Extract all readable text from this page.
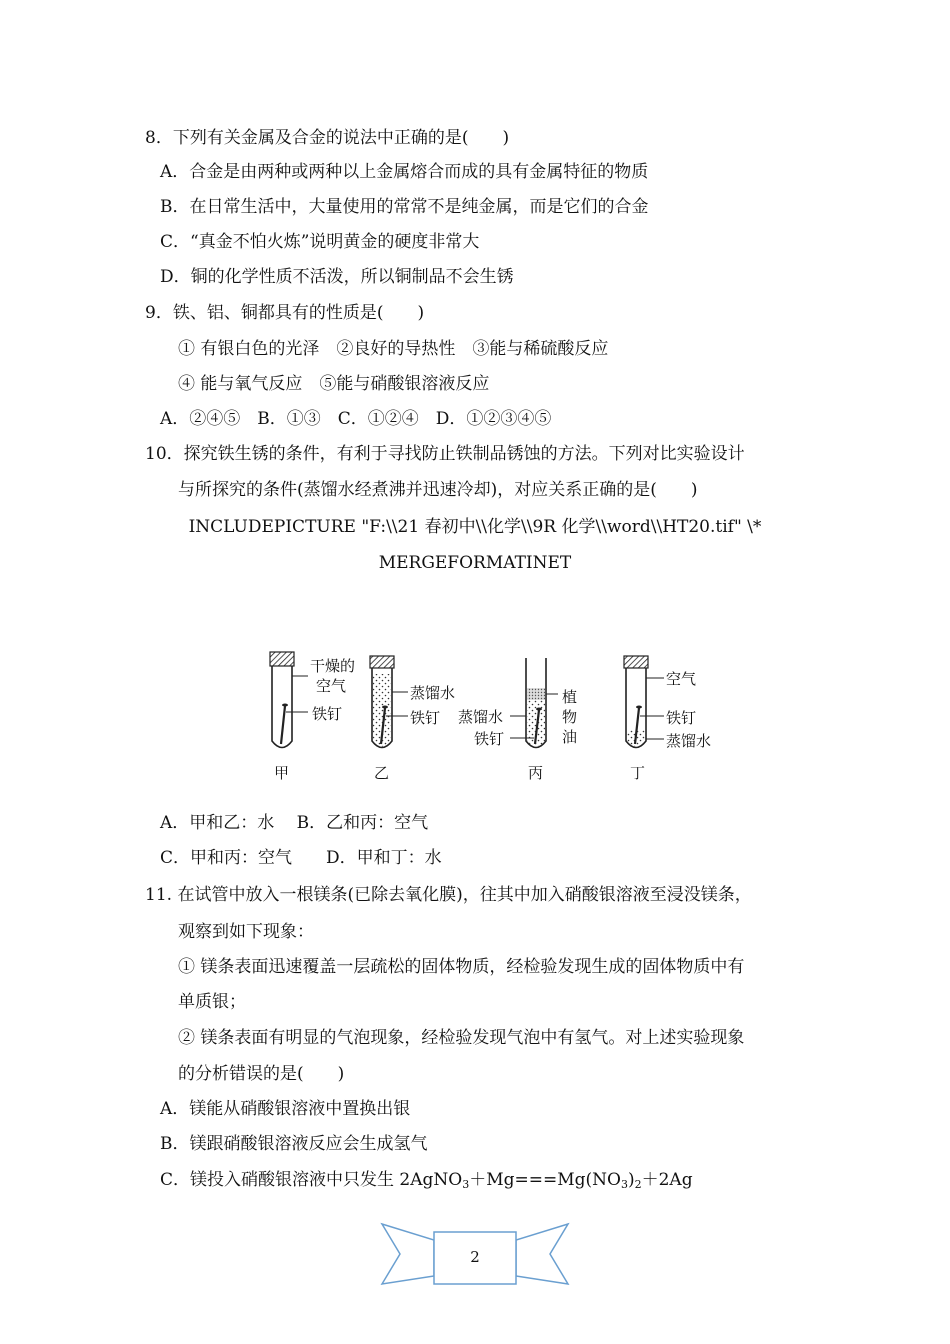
8．下列有关金属及合金的说法中正确的是(　　)
A．合金是由两种或两种以上金属熔合而成的具有金属特征的物质
B．在日常生活中，大量使用的常常不是纯金属，而是它们的合金
C．“真金不怕火炼”说明黄金的硬度非常大
D．铜的化学性质不活泼，所以铜制品不会生锈
9．铁、铝、铜都具有的性质是(　　)
① 有银白色的光泽　②良好的导热性　③能与稀硫酸反应
④ 能与氧气反应　⑤能与硝酸银溶液反应
A．②④⑤　B．①③　C．①②④　D．①②③④⑤
10．探究铁生锈的条件，有利于寻找防止铁制品锈蚀的方法。下列对比实验设计
与所探究的条件(蒸馏水经煮沸并迅速冷却)，对应关系正确的是(　　)
INCLUDEPICTURE "F:\\21 春初中\\化学\\9R 化学\\word\\HT20.tif" \*
MERGEFORMATINET
干燥的
空气
铁钉
甲
蒸馏水
铁钉
乙
蒸馏水
铁钉
植
物
油
丙
空气
铁钉
蒸馏水
丁
A．甲和乙：水　 B．乙和丙：空气
C．甲和丙：空气　　D．甲和丁：水
11. 在试管中放入一根镁条(已除去氧化膜)，往其中加入硝酸银溶液至浸没镁条，
观察到如下现象：
① 镁条表面迅速覆盖一层疏松的固体物质，经检验发现生成的固体物质中有
单质银；
② 镁条表面有明显的气泡现象，经检验发现气泡中有氢气。对上述实验现象
的分析错误的是(　　)
A．镁能从硝酸银溶液中置换出银
B．镁跟硝酸银溶液反应会生成氢气
C．镁投入硝酸银溶液中只发生 $2AgNO_3+Mg===Mg(NO_3)_2+2Ag$
2
